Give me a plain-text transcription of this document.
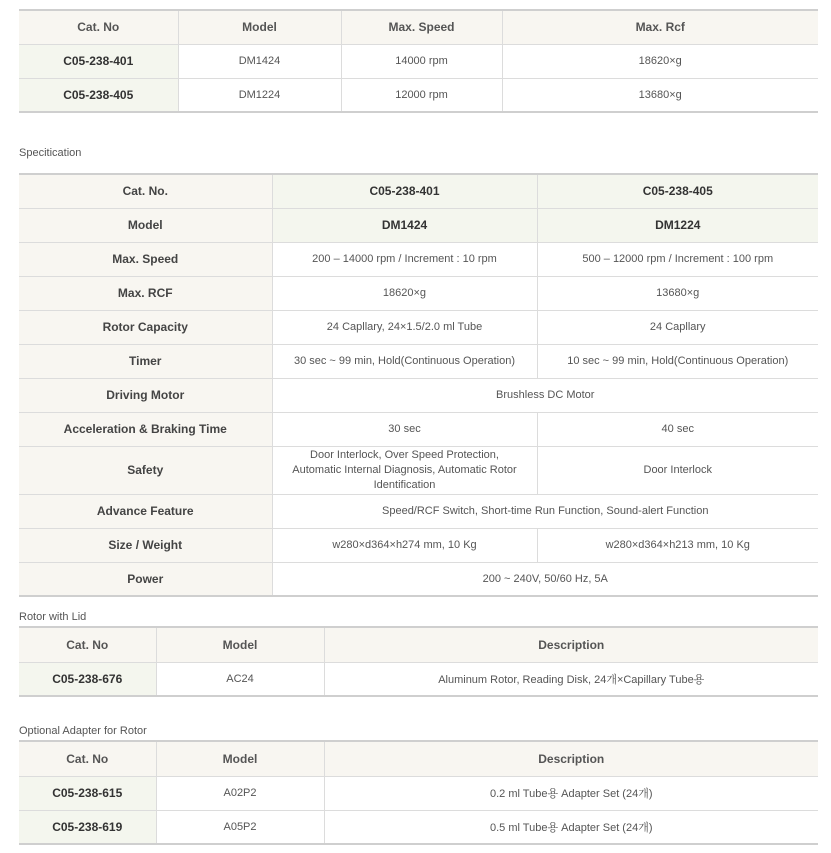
Cat. No	Model	Max. Speed	Max. Rcf
C05-238-401	DM1424	14000 rpm	18620×g
C05-238-405	DM1224	12000 rpm	13680×g
Specitication
Cat. No.	C05-238-401	C05-238-405
Model	DM1424	DM1224
Max. Speed	200 – 14000 rpm / Increment : 10 rpm	500 – 12000 rpm / Increment : 100 rpm
Max. RCF	18620×g	13680×g
Rotor Capacity	24 Capllary, 24×1.5/2.0 ml Tube	24 Capllary
Timer	30 sec ~ 99 min, Hold(Continuous Operation)	10 sec ~ 99 min, Hold(Continuous Operation)
Driving Motor	Brushless DC Motor	
Acceleration & Braking Time	30 sec	40 sec
Safety	Door Interlock, Over Speed Protection, Automatic Internal Diagnosis, Automatic Rotor Identification	Door Interlock
Advance Feature	Speed/RCF Switch, Short-time Run Function, Sound-alert Function	
Size / Weight	w280×d364×h274 mm, 10 Kg	w280×d364×h213 mm, 10 Kg
Power	200 ~ 240V, 50/60 Hz, 5A	
Rotor with Lid
Cat. No	Model	Description
C05-238-676	AC24	Aluminum Rotor, Reading Disk, 24개×Capillary Tube용
Optional Adapter for Rotor
Cat. No	Model	Description
C05-238-615	A02P2	0.2 ml Tube용 Adapter Set (24개)
C05-238-619	A05P2	0.5 ml Tube용 Adapter Set (24개)
